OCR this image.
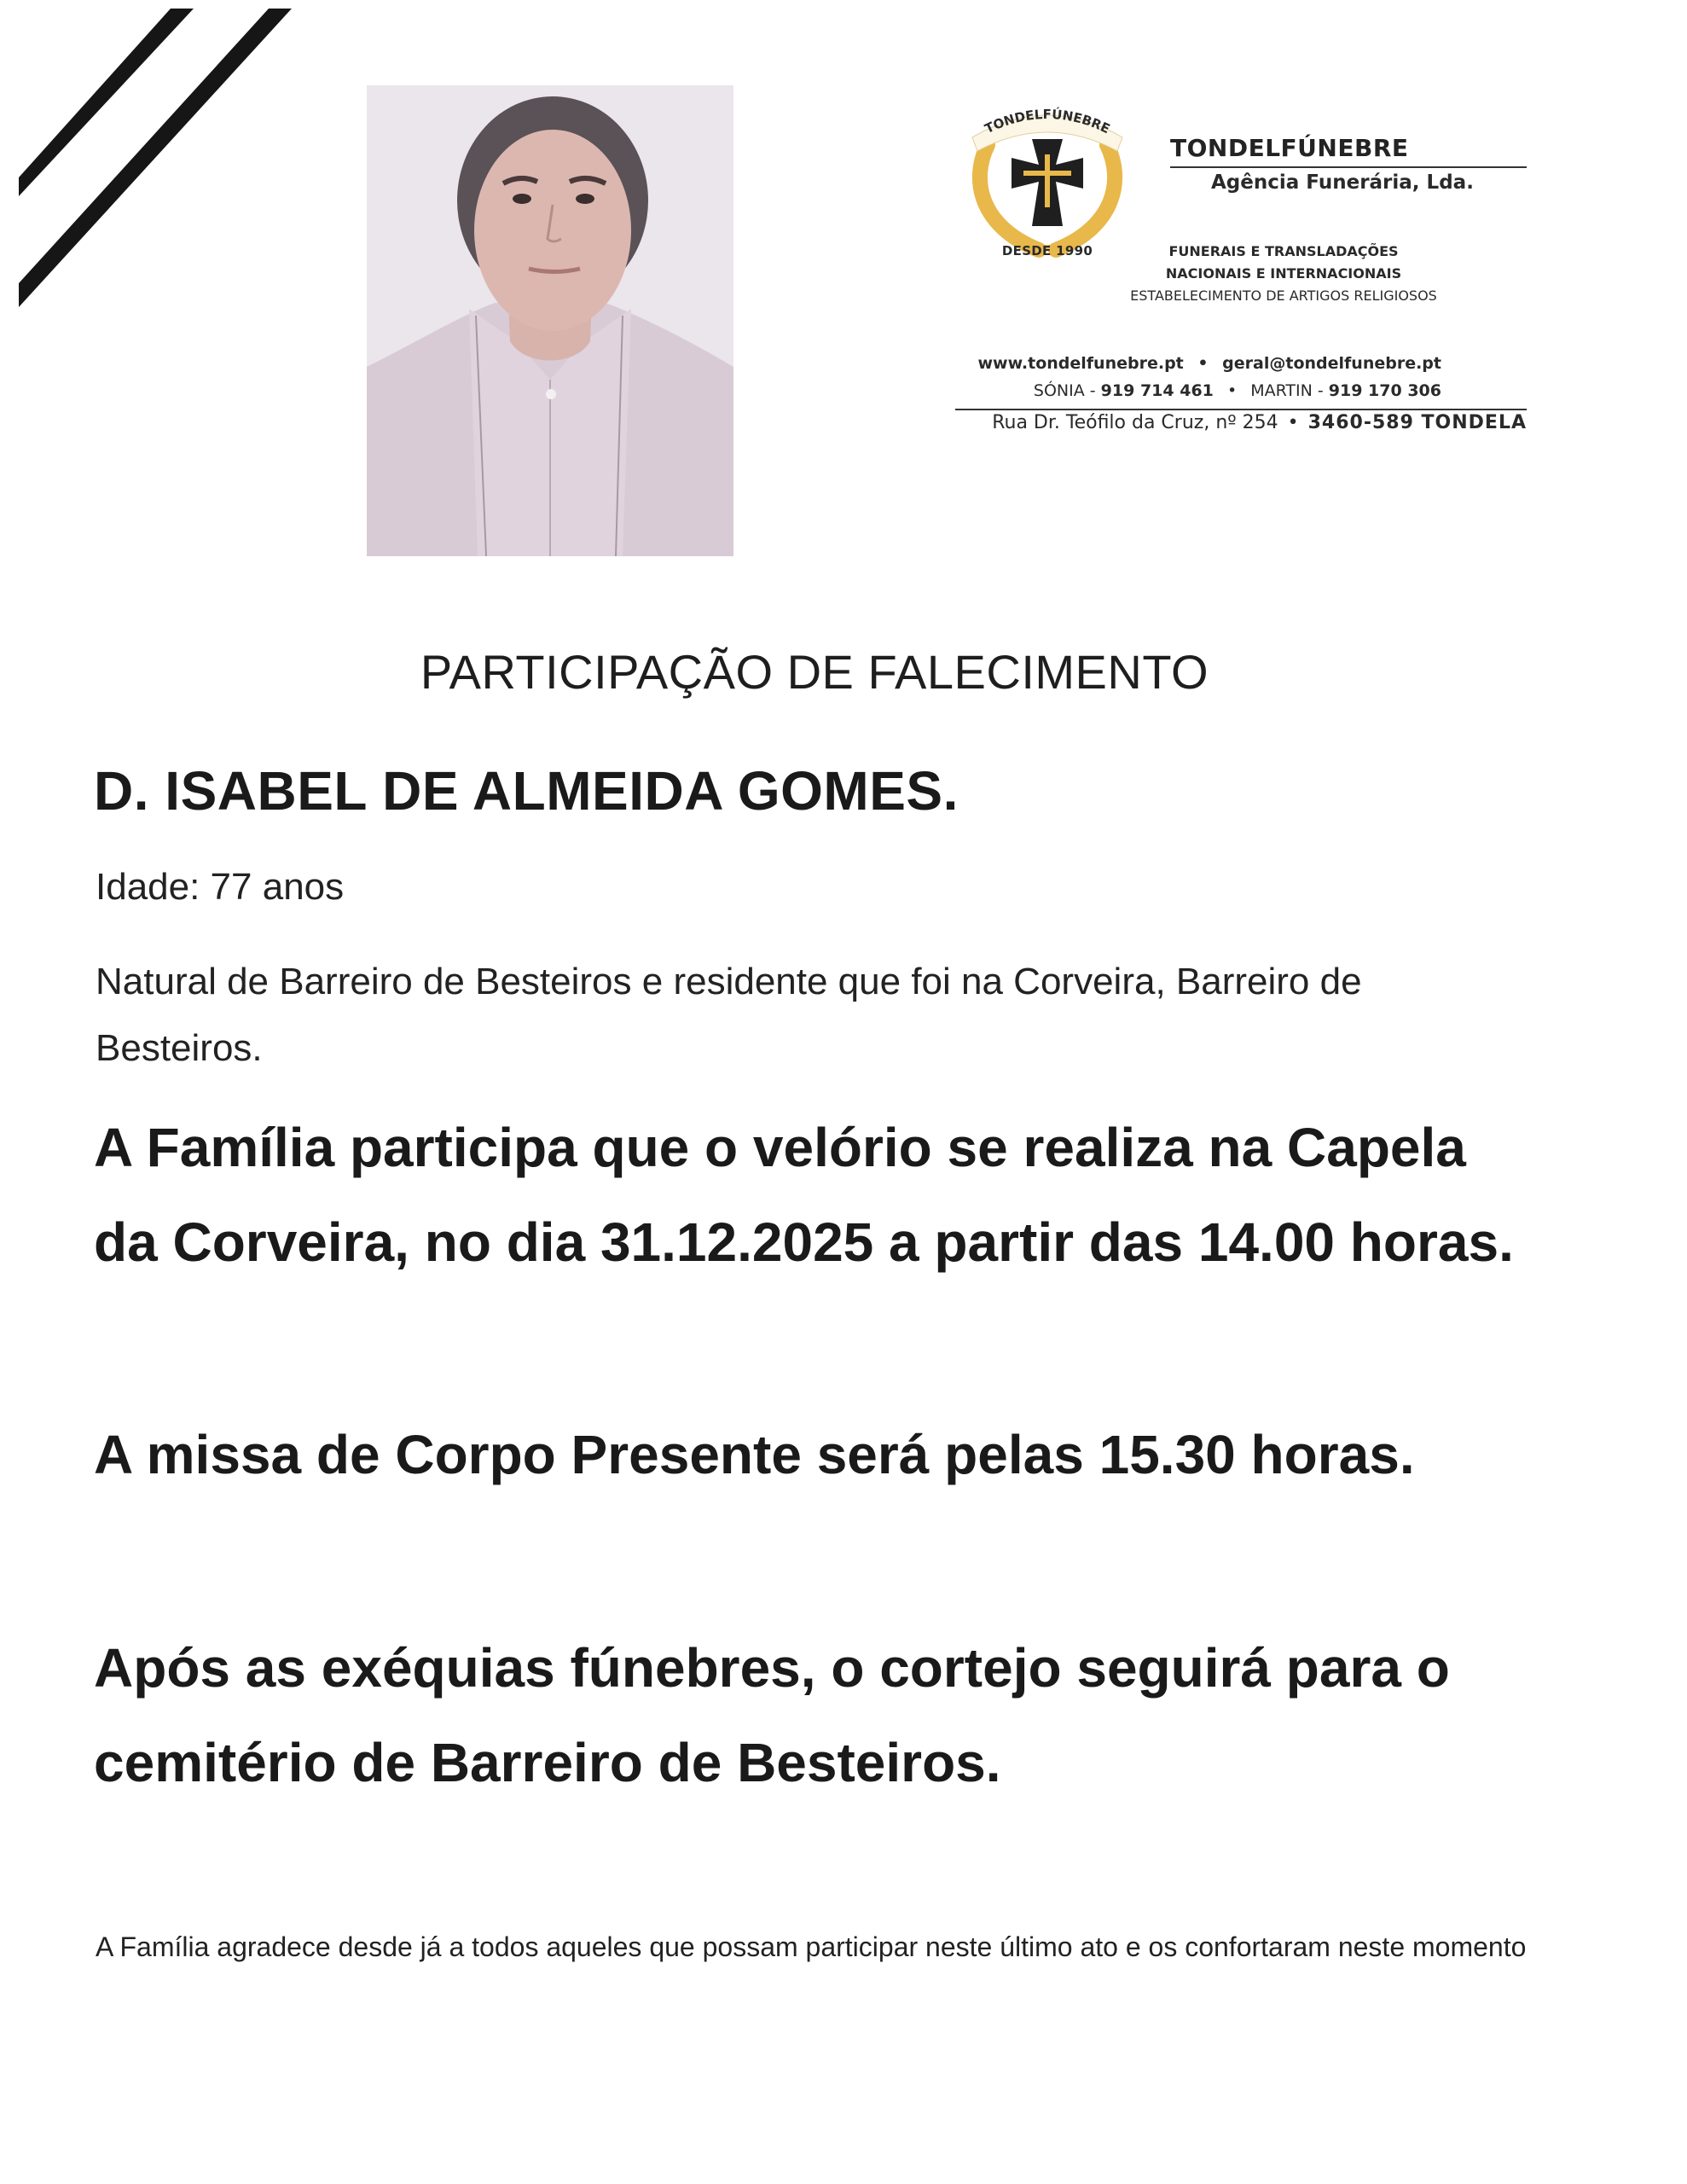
TONDELFÚNEBRE
DESDE 1990
TONDELFÚNEBRE
Agência Funerária, Lda.
FUNERAIS E TRANSLADAÇÕES
NACIONAIS E INTERNACIONAIS
ESTABELECIMENTO DE ARTIGOS RELIGIOSOS
www.tondelfunebre.pt • geral@tondelfunebre.pt
SÓNIA - 919 714 461 • MARTIN - 919 170 306
Rua Dr. Teófilo da Cruz, nº 254 • 3460-589 TONDELA
PARTICIPAÇÃO DE FALECIMENTO
D. ISABEL DE ALMEIDA GOMES.
Idade: 77 anos
Natural de Barreiro de Besteiros e residente que foi na Corveira, Barreiro de Besteiros.
A Família participa que o velório se realiza na Capela da Corveira, no dia 31.12.2025 a partir das 14.00 horas.
A missa de Corpo Presente será pelas 15.30 horas.
Após as exéquias fúnebres, o cortejo seguirá para o cemitério de Barreiro de Besteiros.
A Família agradece desde já a todos aqueles que possam participar neste último ato e os confortaram neste momento
